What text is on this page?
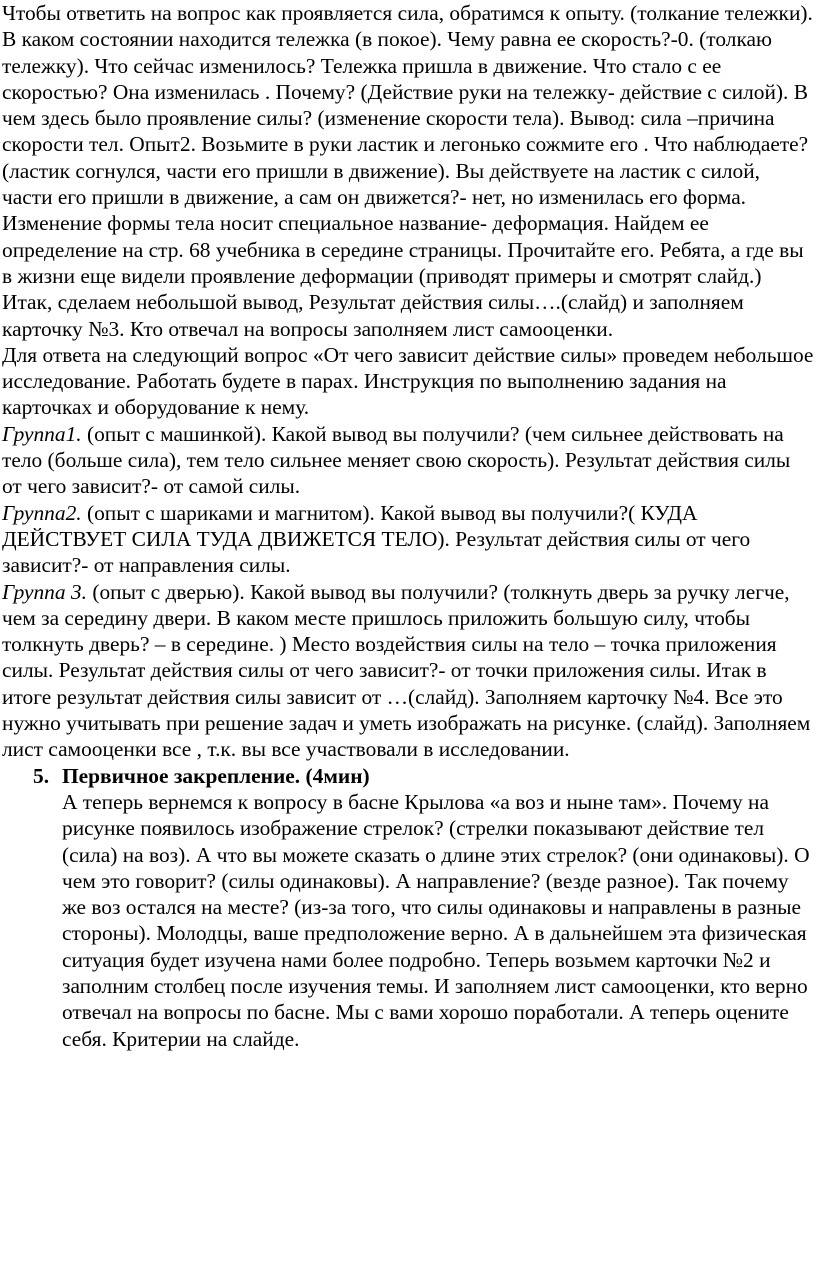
Чтобы ответить на вопрос как проявляется сила, обратимся к опыту. (толкание тележки). В каком состоянии находится тележка (в покое). Чему равна ее скорость?-0. (толкаю тележку). Что сейчас изменилось? Тележка пришла в движение. Что стало с ее скоростью? Она изменилась . Почему? (Действие руки на тележку- действие с силой). В чем здесь было проявление силы? (изменение скорости тела). Вывод: сила –причина скорости тел. Опыт2. Возьмите в руки ластик и легонько сожмите его . Что наблюдаете? (ластик согнулся, части его пришли в движение). Вы действуете на ластик с силой, части его пришли в движение, а сам он движется?- нет, но изменилась его форма. Изменение формы тела носит специальное название- деформация. Найдем ее определение на стр. 68 учебника в середине страницы. Прочитайте его. Ребята, а где вы в жизни еще видели проявление деформации (приводят примеры и смотрят слайд.) Итак, сделаем небольшой вывод, Результат действия силы….(слайд) и заполняем карточку №3. Кто отвечал на вопросы заполняем лист самооценки.

Для ответа на следующий вопрос «От чего зависит действие силы» проведем небольшое исследование. Работать будете в парах. Инструкция по выполнению задания на карточках и оборудование к нему.

Группа1. (опыт с машинкой). Какой вывод вы получили? (чем сильнее действовать на тело (больше сила), тем тело сильнее меняет свою скорость). Результат действия силы от чего зависит?- от самой силы.

Группа2. (опыт с шариками и магнитом). Какой вывод вы получили?( КУДА ДЕЙСТВУЕТ СИЛА ТУДА ДВИЖЕТСЯ ТЕЛО). Результат действия силы от чего зависит?- от направления силы.

Группа 3. (опыт с дверью). Какой вывод вы получили? (толкнуть дверь за ручку легче, чем за середину двери. В каком месте пришлось приложить большую силу, чтобы толкнуть дверь? – в середине. ) Место воздействия силы на тело – точка приложения силы. Результат действия силы от чего зависит?- от точки приложения силы. Итак в итоге результат действия силы зависит от …(слайд). Заполняем карточку №4. Все это нужно учитывать при решение задач и уметь изображать на рисунке. (слайд). Заполняем лист самооценки все , т.к. вы все участвовали в исследовании.

5. Первичное закрепление. (4мин)

А теперь вернемся к вопросу в басне Крылова «а воз и ныне там». Почему на рисунке появилось изображение стрелок? (стрелки показывают действие тел (сила) на воз). А что вы можете сказать о длине этих стрелок? (они одинаковы). О чем это говорит? (силы одинаковы). А направление? (везде разное). Так почему же воз остался на месте? (из-за того, что силы одинаковы и направлены в разные стороны). Молодцы, ваше предположение верно. А в дальнейшем эта физическая ситуация будет изучена нами более подробно. Теперь возьмем карточки №2 и заполним столбец после изучения темы. И заполняем лист самооценки, кто верно отвечал на вопросы по басне. Мы с вами хорошо поработали. А теперь оцените себя. Критерии на слайде.
